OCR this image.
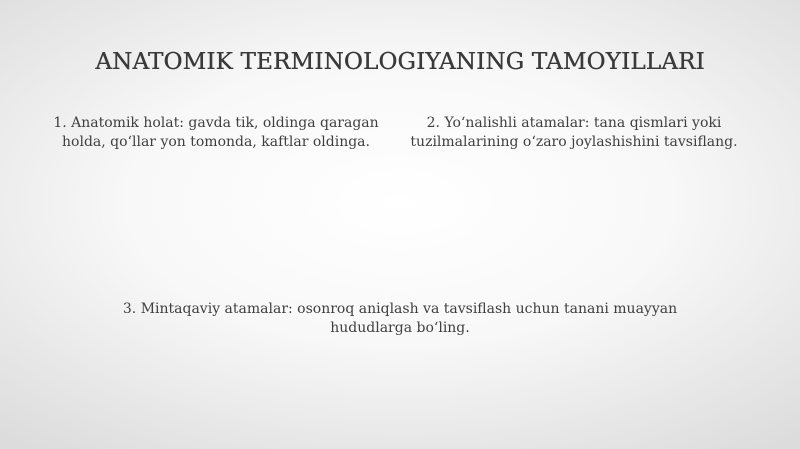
ANATOMIK TERMINOLOGIYANING TAMOYILLARI

1. Anatomik holat: gavda tik, oldinga qaragan holda, qo‘llar yon tomonda, kaftlar oldinga.

2. Yo‘nalishli atamalar: tana qismlari yoki tuzilmalarining o‘zaro joylashishini tavsiflang.

3. Mintaqaviy atamalar: osonroq aniqlash va tavsiflash uchun tanani muayyan hududlarga bo‘ling.
